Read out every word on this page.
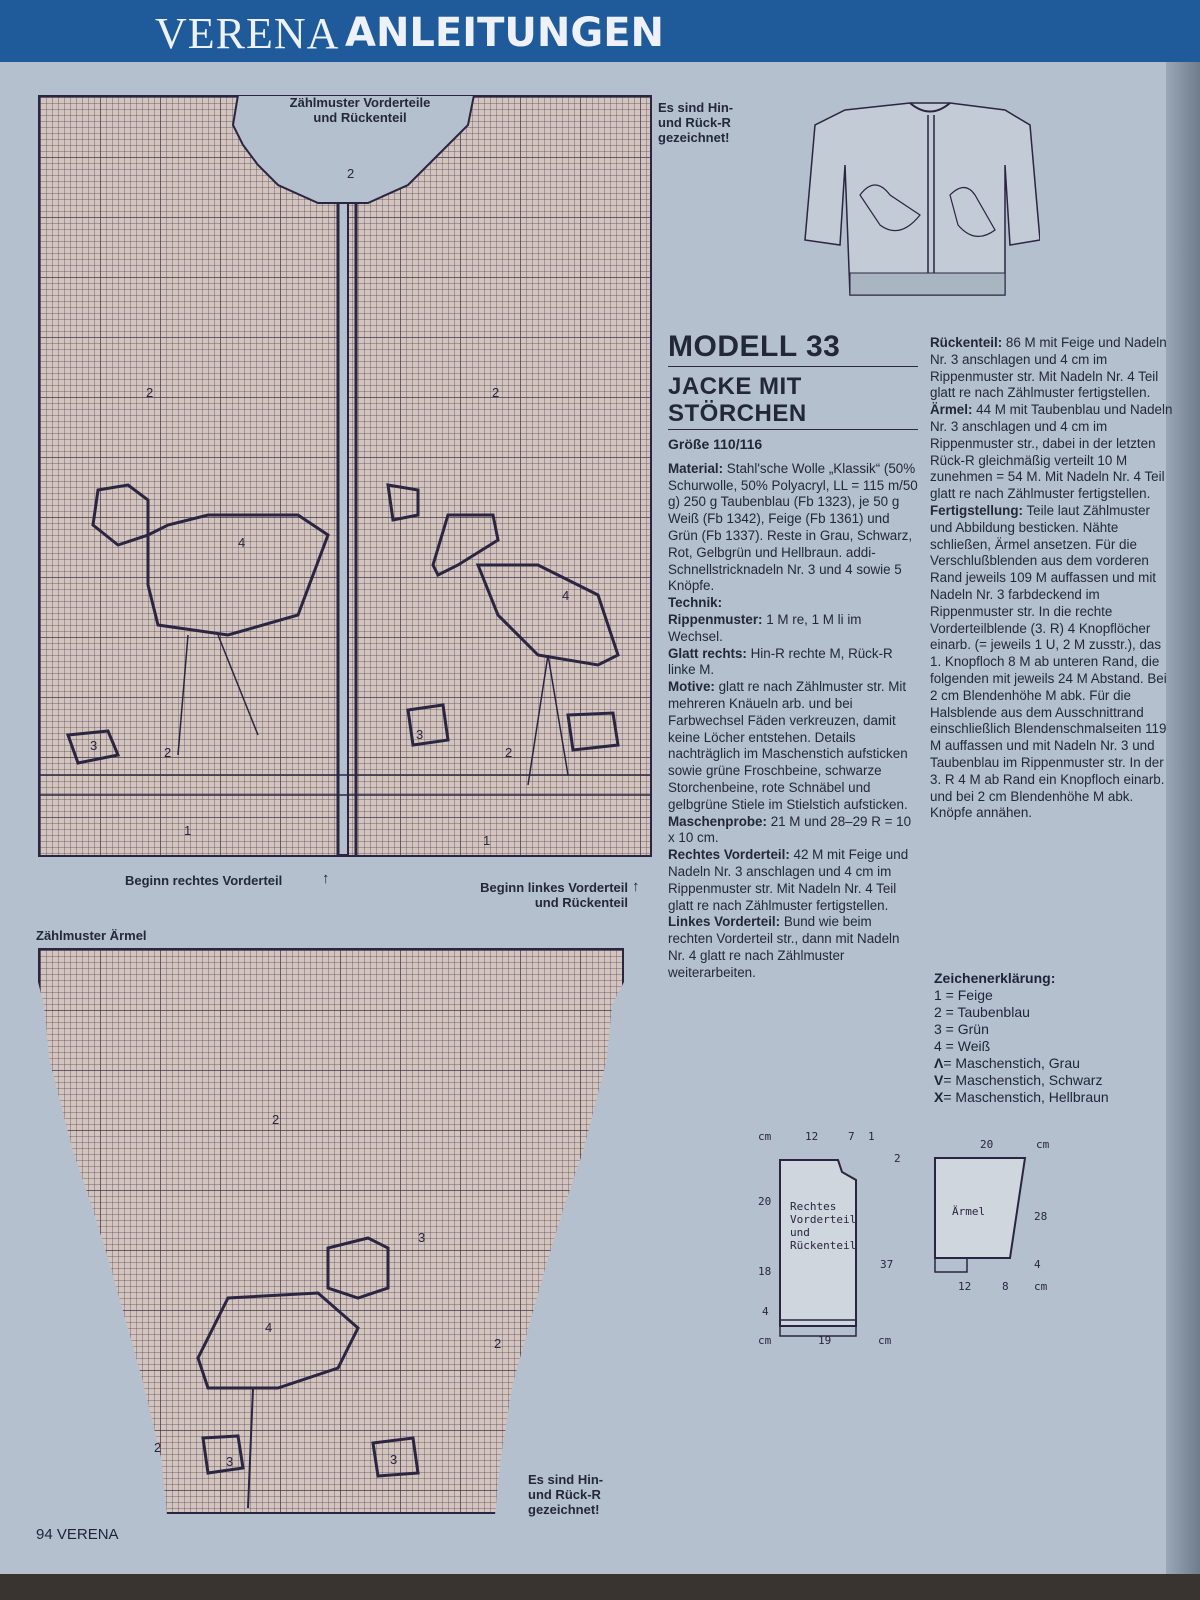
VERENA ANLEITUNGEN
2
2	2
4
4
3
3
2	2
1
1
Zählmuster Vorderteile
und Rückenteil
Es sind Hin-
und Rück-R
gezeichnet!
Beginn rechtes Vorderteil	↑
Beginn linkes Vorderteil
und Rückenteil
↑
Zählmuster Ärmel
2
3
4
2
2
3	3
Es sind Hin-
und Rück-R
gezeichnet!
MODELL 33
JACKE MIT
STÖRCHEN
Größe 110/116

Material: Stahl'sche Wolle „Klassik“ (50% Schurwolle, 50% Polyacryl, LL = 115 m/50 g) 250 g Taubenblau (Fb 1323), je 50 g Weiß (Fb 1342), Feige (Fb 1361) und Grün (Fb 1337). Reste in Grau, Schwarz, Rot, Gelbgrün und Hellbraun. addi-Schnellstricknadeln Nr. 3 und 4 sowie 5 Knöpfe.

Technik:

Rippenmuster: 1 M re, 1 M li im Wechsel.

Glatt rechts: Hin-R rechte M, Rück-R linke M.

Motive: glatt re nach Zählmuster str. Mit mehreren Knäueln arb. und bei Farbwechsel Fäden verkreuzen, damit keine Löcher entstehen. Details nachträglich im Maschenstich aufsticken sowie grüne Froschbeine, schwarze Storchenbeine, rote Schnäbel und gelbgrüne Stiele im Stielstich aufsticken.

Maschenprobe: 21 M und 28–29 R = 10 x 10 cm.

Rechtes Vorderteil: 42 M mit Feige und Nadeln Nr. 3 anschlagen und 4 cm im Rippenmuster str. Mit Nadeln Nr. 4 Teil glatt re nach Zählmuster fertigstellen.

Linkes Vorderteil: Bund wie beim rechten Vorderteil str., dann mit Nadeln Nr. 4 glatt re nach Zählmuster weiterarbeiten.

Rückenteil: 86 M mit Feige und Nadeln Nr. 3 anschlagen und 4 cm im Rippenmuster str. Mit Nadeln Nr. 4 Teil glatt re nach Zählmuster fertigstellen.

Ärmel: 44 M mit Taubenblau und Nadeln Nr. 3 anschlagen und 4 cm im Rippenmuster str., dabei in der letzten Rück-R gleichmäßig verteilt 10 M zunehmen = 54 M. Mit Nadeln Nr. 4 Teil glatt re nach Zählmuster fertigstellen.

Fertigstellung: Teile laut Zählmuster und Abbildung besticken. Nähte schließen, Ärmel ansetzen. Für die Verschlußblenden aus dem vorderen Rand jeweils 109 M auffassen und mit Nadeln Nr. 3 farbdeckend im Rippenmuster str. In die rechte Vorderteilblende (3. R) 4 Knopflöcher einarb. (= jeweils 1 U, 2 M zusstr.), das 1. Knopfloch 8 M ab unteren Rand, die folgenden mit jeweils 24 M Abstand. Bei 2 cm Blendenhöhe M abk. Für die Halsblende aus dem Ausschnittrand einschließlich Blendenschmalseiten 119 M auffassen und mit Nadeln Nr. 3 und Taubenblau im Rippenmuster str. In der 3. R 4 M ab Rand ein Knopfloch einarb. und bei 2 cm Blendenhöhe M abk. Knöpfe annähen.

Zeichenerklärung:
1 = Feige
2 = Taubenblau
3 = Grün
4 = Weiß
Λ= Maschenstich, Grau
V= Maschenstich, Schwarz
X= Maschenstich, Hellbraun
Rechtes
Vorderteil
und
Rückenteil
cm	12	7 1
2
20
18
4
37
cm	19	cm
Ärmel
20	cm
28
4
12	8 cm
94 VERENA
